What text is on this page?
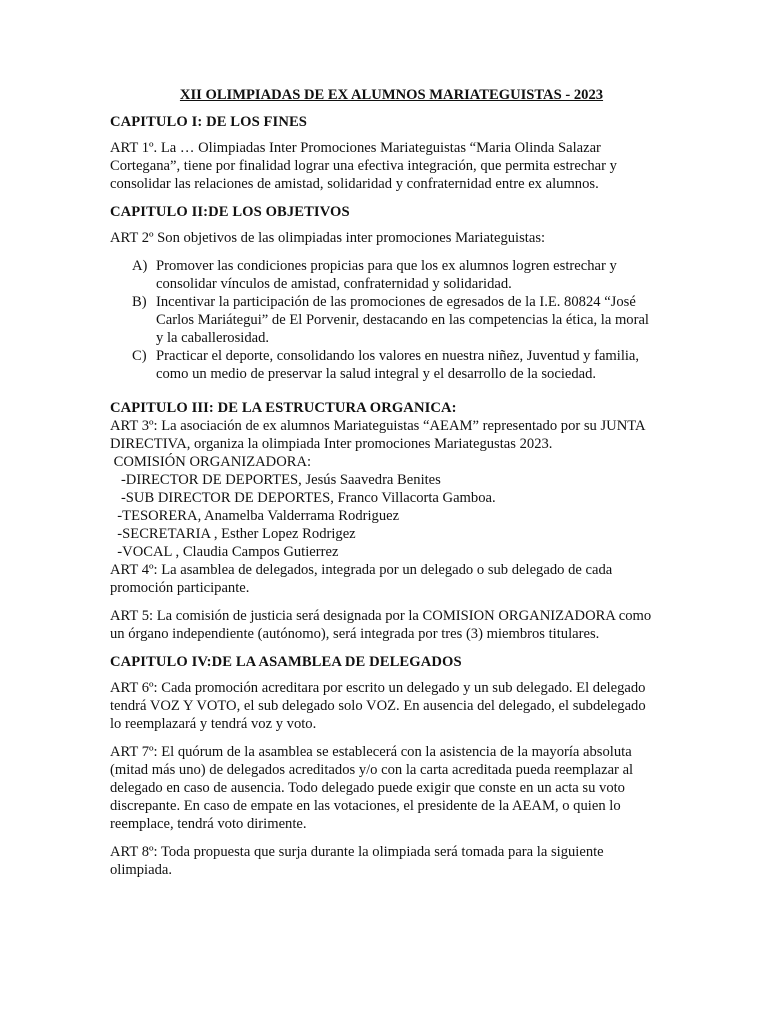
XII OLIMPIADAS DE EX ALUMNOS MARIATEGUISTAS - 2023
CAPITULO I: DE LOS FINES

ART 1º. La … Olimpiadas Inter Promociones Mariateguistas “Maria Olinda Salazar Cortegana”, tiene por finalidad lograr una efectiva integración, que permita estrechar y consolidar las relaciones de amistad, solidaridad y confraternidad entre ex alumnos.

CAPITULO II:DE LOS OBJETIVOS

ART 2º Son objetivos de las olimpiadas inter promociones Mariateguistas:

A) Promover las condiciones propicias para que los ex alumnos logren estrechar y consolidar vínculos de amistad, confraternidad y solidaridad.
B) Incentivar la participación de las promociones de egresados de la I.E. 80824 “José Carlos Mariátegui” de El Porvenir, destacando en las competencias la ética, la moral y la caballerosidad.
C) Practicar el deporte, consolidando los valores en nuestra niñez, Juventud y familia, como un medio de preservar la salud integral y el desarrollo de la sociedad.
CAPITULO III: DE LA ESTRUCTURA ORGANICA:

ART 3º: La asociación de ex alumnos Mariateguistas “AEAM” representado por su JUNTA DIRECTIVA, organiza la olimpiada Inter promociones Mariategustas 2023.

COMISIÓN ORGANIZADORA:
-DIRECTOR DE DEPORTES, Jesús Saavedra Benites
-SUB DIRECTOR DE DEPORTES, Franco Villacorta Gamboa.
-TESORERA, Anamelba Valderrama Rodriguez
-SECRETARIA , Esther Lopez Rodrigez
-VOCAL , Claudia Campos Gutierrez

ART 4º: La asamblea de delegados, integrada por un delegado o sub delegado de cada promoción participante.

ART 5: La comisión de justicia será designada por la COMISION ORGANIZADORA como un órgano independiente (autónomo), será integrada por tres (3) miembros titulares.

CAPITULO IV:DE LA ASAMBLEA DE DELEGADOS

ART 6º: Cada promoción acreditara por escrito un delegado y un sub delegado. El delegado tendrá VOZ Y VOTO, el sub delegado solo VOZ. En ausencia del delegado, el subdelegado lo reemplazará y tendrá voz y voto.

ART 7º: El quórum de la asamblea se establecerá con la asistencia de la mayoría absoluta (mitad más uno) de delegados acreditados y/o con la carta acreditada pueda reemplazar al delegado en caso de ausencia. Todo delegado puede exigir que conste en un acta su voto discrepante. En caso de empate en las votaciones, el presidente de la AEAM, o quien lo reemplace, tendrá voto dirimente.

ART 8º: Toda propuesta que surja durante la olimpiada será tomada para la siguiente olimpiada.
